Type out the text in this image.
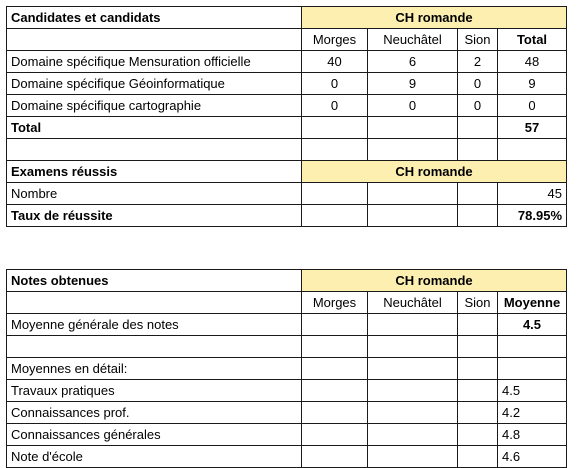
Candidates et candidats	CH romande			
	Morges	Neuchâtel	Sion	Total
Domaine spécifique Mensuration officielle	40	6	2	48
Domaine spécifique Géoinformatique	0	9	0	9
Domaine spécifique cartographie	0	0	0	0
Total				57

Examens réussis	CH romande			
Nombre				45
Taux de réussite				78.95%
Notes obtenues	CH romande			
	Morges	Neuchâtel	Sion	Moyenne
Moyenne générale des notes				4.5

Moyennes en détail:				
Travaux pratiques				4.5
Connaissances prof.				4.2
Connaissances générales				4.8
Note d'école				4.6
